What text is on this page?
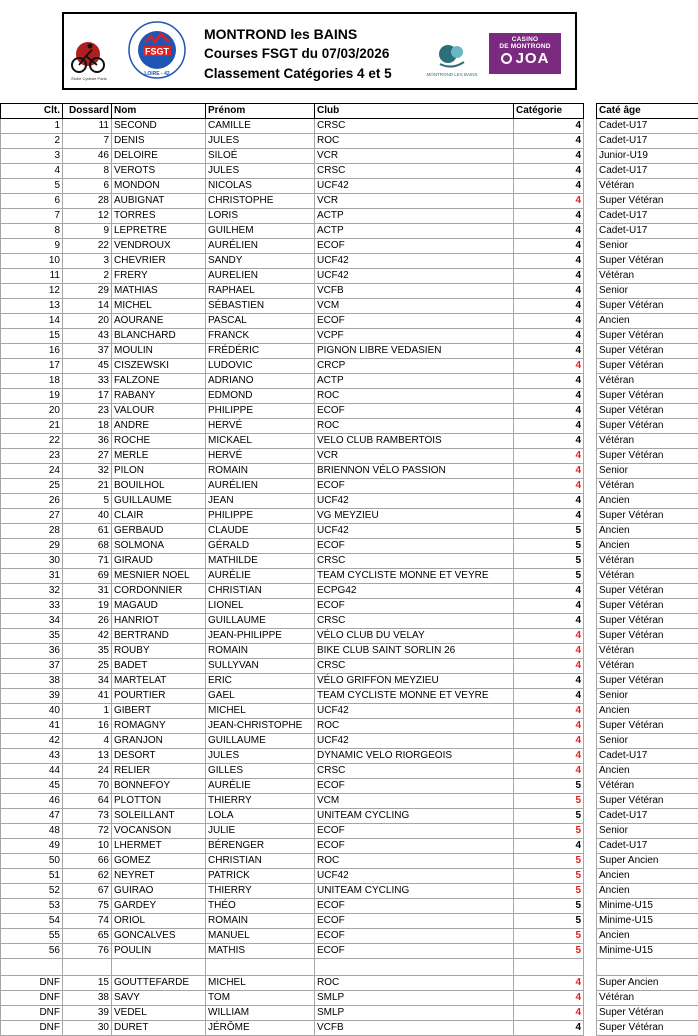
Étoile Cycliste Paris
FSGT
LOIRE - 42
MONTROND les BAINS
Courses FSGT du 07/03/2026
Classement Catégories 4 et 5	MONTROND LES BAINS
CASINO
DE MONTROND
JOA
Clt.	Dossard	Nom	Prénom	Club	Catégorie		Caté âge
1	11	SECOND	CAMILLE	CRSC	4		Cadet-U17
2	7	DENIS	JULES	ROC	4		Cadet-U17
3	46	DELOIRE	SILOÉ	VCR	4		Junior-U19
4	8	VEROTS	JULES	CRSC	4		Cadet-U17
5	6	MONDON	NICOLAS	UCF42	4		Vétéran
6	28	AUBIGNAT	CHRISTOPHE	VCR	4		Super Vétéran
7	12	TORRES	LORIS	ACTP	4		Cadet-U17
8	9	LEPRETRE	GUILHEM	ACTP	4		Cadet-U17
9	22	VENDROUX	AURÉLIEN	ECOF	4		Senior
10	3	CHEVRIER	SANDY	UCF42	4		Super Vétéran
11	2	FRERY	AURELIEN	UCF42	4		Vétéran
12	29	MATHIAS	RAPHAEL	VCFB	4		Senior
13	14	MICHEL	SÉBASTIEN	VCM	4		Super Vétéran
14	20	AOURANE	PASCAL	ECOF	4		Ancien
15	43	BLANCHARD	FRANCK	VCPF	4		Super Vétéran
16	37	MOULIN	FRÉDÉRIC	PIGNON LIBRE VEDASIEN	4		Super Vétéran
17	45	CISZEWSKI	LUDOVIC	CRCP	4		Super Vétéran
18	33	FALZONE	ADRIANO	ACTP	4		Vétéran
19	17	RABANY	EDMOND	ROC	4		Super Vétéran
20	23	VALOUR	PHILIPPE	ECOF	4		Super Vétéran
21	18	ANDRE	HERVÉ	ROC	4		Super Vétéran
22	36	ROCHE	MICKAEL	VELO CLUB RAMBERTOIS	4		Vétéran
23	27	MERLE	HERVÉ	VCR	4		Super Vétéran
24	32	PILON	ROMAIN	BRIENNON VÉLO PASSION	4		Senior
25	21	BOUILHOL	AURÉLIEN	ECOF	4		Vétéran
26	5	GUILLAUME	JEAN	UCF42	4		Ancien
27	40	CLAIR	PHILIPPE	VG MEYZIEU	4		Super Vétéran
28	61	GERBAUD	CLAUDE	UCF42	5		Ancien
29	68	SOLMONA	GÉRALD	ECOF	5		Ancien
30	71	GIRAUD	MATHILDE	CRSC	5		Vétéran
31	69	MESNIER NOEL	AURÉLIE	TEAM CYCLISTE MONNE ET VEYRE	5		Vétéran
32	31	CORDONNIER	CHRISTIAN	ECPG42	4		Super Vétéran
33	19	MAGAUD	LIONEL	ECOF	4		Super Vétéran
34	26	HANRIOT	GUILLAUME	CRSC	4		Super Vétéran
35	42	BERTRAND	JEAN-PHILIPPE	VÉLO CLUB DU VELAY	4		Super Vétéran
36	35	ROUBY	ROMAIN	BIKE CLUB SAINT SORLIN 26	4		Vétéran
37	25	BADET	SULLYVAN	CRSC	4		Vétéran
38	34	MARTELAT	ERIC	VÉLO GRIFFON MEYZIEU	4		Super Vétéran
39	41	POURTIER	GAEL	TEAM CYCLISTE MONNE ET VEYRE	4		Senior
40	1	GIBERT	MICHEL	UCF42	4		Ancien
41	16	ROMAGNY	JEAN-CHRISTOPHE	ROC	4		Super Vétéran
42	4	GRANJON	GUILLAUME	UCF42	4		Senior
43	13	DESORT	JULES	DYNAMIC VELO RIORGEOIS	4		Cadet-U17
44	24	RELIER	GILLES	CRSC	4		Ancien
45	70	BONNEFOY	AURÉLIE	ECOF	5		Vétéran
46	64	PLOTTON	THIERRY	VCM	5		Super Vétéran
47	73	SOLEILLANT	LOLA	UNITEAM CYCLING	5		Cadet-U17
48	72	VOCANSON	JULIE	ECOF	5		Senior
49	10	LHERMET	BÉRENGER	ECOF	4		Cadet-U17
50	66	GOMEZ	CHRISTIAN	ROC	5		Super Ancien
51	62	NEYRET	PATRICK	UCF42	5		Ancien
52	67	GUIRAO	THIERRY	UNITEAM CYCLING	5		Ancien
53	75	GARDEY	THÉO	ECOF	5		Minime-U15
54	74	ORIOL	ROMAIN	ECOF	5		Minime-U15
55	65	GONCALVES	MANUEL	ECOF	5		Ancien
56	76	POULIN	MATHIS	ECOF	5		Minime-U15

DNF	15	GOUTTEFARDE	MICHEL	ROC	4		Super Ancien
DNF	38	SAVY	TOM	SMLP	4		Vétéran
DNF	39	VEDEL	WILLIAM	SMLP	4		Super Vétéran
DNF	30	DURET	JÉRÔME	VCFB	4		Super Vétéran
